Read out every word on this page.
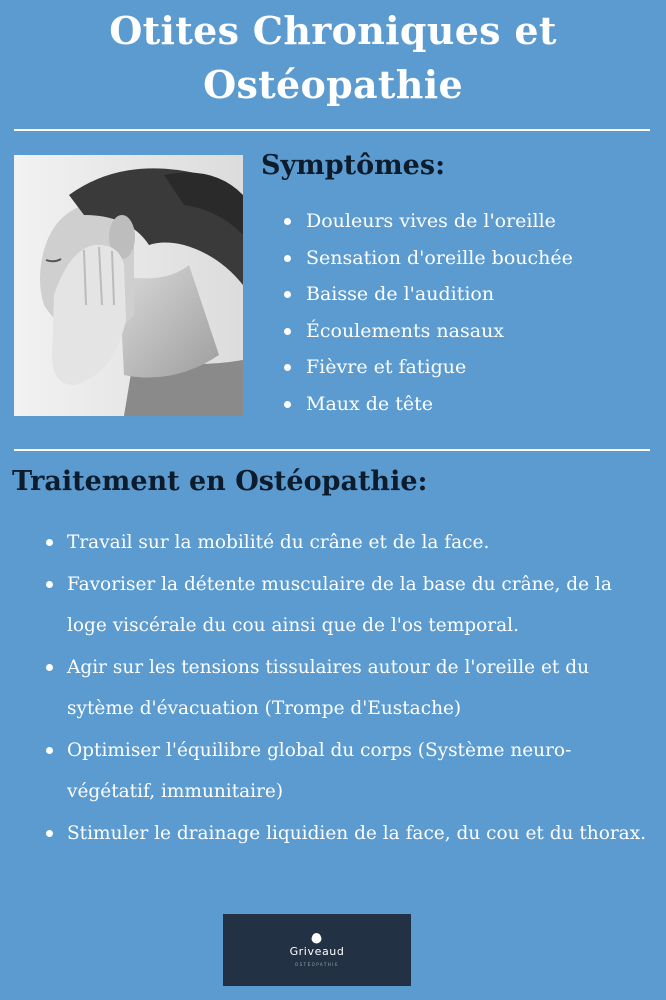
Otites Chroniques et
Ostéopathie
Symptômes:
Douleurs vives de l'oreille
Sensation d'oreille bouchée
Baisse de l'audition
Écoulements nasaux
Fièvre et fatigue
Maux de tête
Traitement en Ostéopathie:
Travail sur la mobilité du crâne et de la face.
Favoriser la détente musculaire de la base du crâne, de la loge viscérale du cou ainsi que de l'os temporal.
Agir sur les tensions tissulaires autour de l'oreille et du sytème d'évacuation (Trompe d'Eustache)
Optimiser l'équilibre global du corps (Système neuro-végétatif, immunitaire)
Stimuler le drainage liquidien de la face, du cou et du thorax.
Griveaud
OSTÉOPATHIE
